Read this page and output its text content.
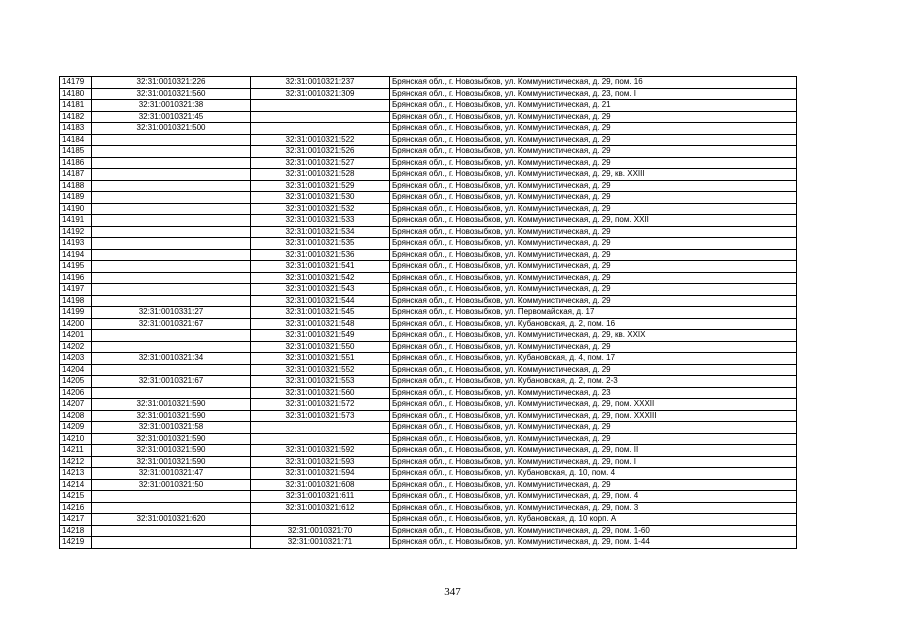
14179	32:31:0010321:226	32:31:0010321:237	Брянская обл., г. Новозыбков, ул. Коммунистическая, д. 29, пом. 16
14180	32:31:0010321:560	32:31:0010321:309	Брянская обл., г. Новозыбков, ул. Коммунистическая, д. 23, пом. I
14181	32:31:0010321:38		Брянская обл., г. Новозыбков, ул. Коммунистическая, д. 21
14182	32:31:0010321:45		Брянская обл., г. Новозыбков, ул. Коммунистическая, д. 29
14183	32:31:0010321:500		Брянская обл., г. Новозыбков, ул. Коммунистическая, д. 29
14184		32:31:0010321:522	Брянская обл., г. Новозыбков, ул. Коммунистическая, д. 29
14185		32:31:0010321:526	Брянская обл., г. Новозыбков, ул. Коммунистическая, д. 29
14186		32:31:0010321:527	Брянская обл., г. Новозыбков, ул. Коммунистическая, д. 29
14187		32:31:0010321:528	Брянская обл., г. Новозыбков, ул. Коммунистическая, д. 29, кв. XXIII
14188		32:31:0010321:529	Брянская обл., г. Новозыбков, ул. Коммунистическая, д. 29
14189		32:31:0010321:530	Брянская обл., г. Новозыбков, ул. Коммунистическая, д. 29
14190		32:31:0010321:532	Брянская обл., г. Новозыбков, ул. Коммунистическая, д. 29
14191		32:31:0010321:533	Брянская обл., г. Новозыбков, ул. Коммунистическая, д. 29, пом. XXII
14192		32:31:0010321:534	Брянская обл., г. Новозыбков, ул. Коммунистическая, д. 29
14193		32:31:0010321:535	Брянская обл., г. Новозыбков, ул. Коммунистическая, д. 29
14194		32:31:0010321:536	Брянская обл., г. Новозыбков, ул. Коммунистическая, д. 29
14195		32:31:0010321:541	Брянская обл., г. Новозыбков, ул. Коммунистическая, д. 29
14196		32:31:0010321:542	Брянская обл., г. Новозыбков, ул. Коммунистическая, д. 29
14197		32:31:0010321:543	Брянская обл., г. Новозыбков, ул. Коммунистическая, д. 29
14198		32:31:0010321:544	Брянская обл., г. Новозыбков, ул. Коммунистическая, д. 29
14199	32:31:0010331:27	32:31:0010321:545	Брянская обл., г. Новозыбков, ул. Первомайская, д. 17
14200	32:31:0010321:67	32:31:0010321:548	Брянская обл., г. Новозыбков, ул. Кубановская, д. 2, пом. 16
14201		32:31:0010321:549	Брянская обл., г. Новозыбков, ул. Коммунистическая, д. 29, кв. XXIX
14202		32:31:0010321:550	Брянская обл., г. Новозыбков, ул. Коммунистическая, д. 29
14203	32:31:0010321:34	32:31:0010321:551	Брянская обл., г. Новозыбков, ул. Кубановская, д. 4, пом. 17
14204		32:31:0010321:552	Брянская обл., г. Новозыбков, ул. Коммунистическая, д. 29
14205	32:31:0010321:67	32:31:0010321:553	Брянская обл., г. Новозыбков, ул. Кубановская, д. 2, пом. 2-3
14206		32:31:0010321:560	Брянская обл., г. Новозыбков, ул. Коммунистическая, д. 23
14207	32:31:0010321:590	32:31:0010321:572	Брянская обл., г. Новозыбков, ул. Коммунистическая, д. 29, пом. XXXII
14208	32:31:0010321:590	32:31:0010321:573	Брянская обл., г. Новозыбков, ул. Коммунистическая, д. 29, пом. XXXIII
14209	32:31:0010321:58		Брянская обл., г. Новозыбков, ул. Коммунистическая, д. 29
14210	32:31:0010321:590		Брянская обл., г. Новозыбков, ул. Коммунистическая, д. 29
14211	32:31:0010321:590	32:31:0010321:592	Брянская обл., г. Новозыбков, ул. Коммунистическая, д. 29, пом. II
14212	32:31:0010321:590	32:31:0010321:593	Брянская обл., г. Новозыбков, ул. Коммунистическая, д. 29, пом. I
14213	32:31:0010321:47	32:31:0010321:594	Брянская обл., г. Новозыбков, ул. Кубановская, д. 10, пом. 4
14214	32:31:0010321:50	32:31:0010321:608	Брянская обл., г. Новозыбков, ул. Коммунистическая, д. 29
14215		32:31:0010321:611	Брянская обл., г. Новозыбков, ул. Коммунистическая, д. 29, пом. 4
14216		32:31:0010321:612	Брянская обл., г. Новозыбков, ул. Коммунистическая, д. 29, пом. 3
14217	32:31:0010321:620		Брянская обл., г. Новозыбков, ул. Кубановская, д. 10 корп. А
14218		32:31:0010321:70	Брянская обл., г. Новозыбков, ул. Коммунистическая, д. 29, пом. 1-60
14219		32:31:0010321:71	Брянская обл., г. Новозыбков, ул. Коммунистическая, д. 29, пом. 1-44
347
